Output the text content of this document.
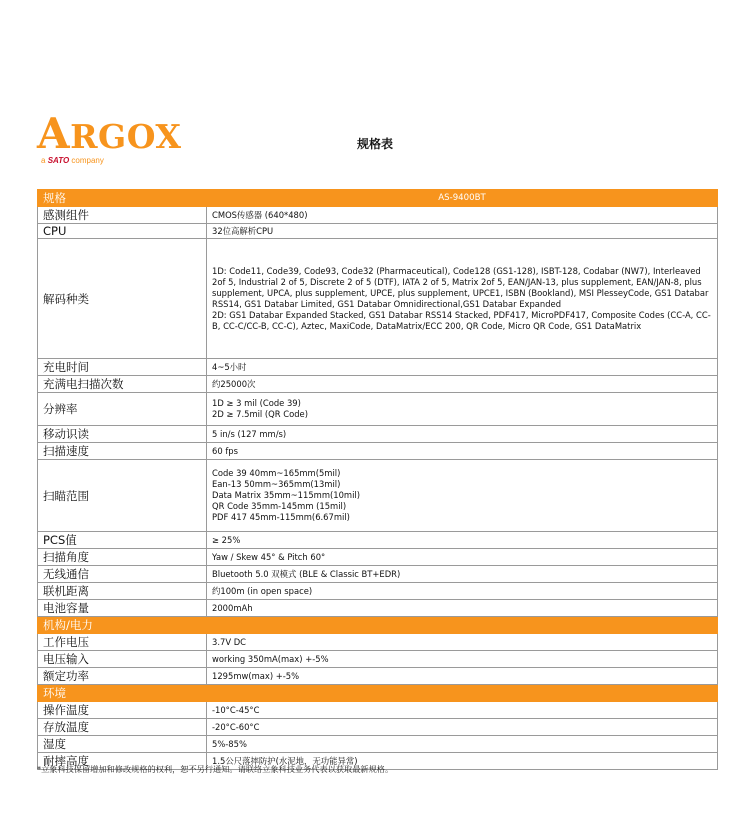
ARGOX
a SATO company
规格表
规格	AS-9400BT
感测组件	CMOS传感器 (640*480)
CPU	32位高解析CPU
解码种类	1D: Code11, Code39, Code93, Code32 (Pharmaceutical), Code128 (GS1-128), ISBT-128, Codabar (NW7), Interleaved 2of 5, Industrial 2 of 5, Discrete 2 of 5 (DTF), IATA 2 of 5, Matrix 2of 5, EAN/JAN-13, plus supplement, EAN/JAN-8, plus supplement, UPCA, plus supplement, UPCE, plus supplement, UPCE1, ISBN (Bookland), MSI PlesseyCode, GS1 Databar RSS14, GS1 Databar Limited, GS1 Databar Omnidirectional,GS1 Databar Expanded
2D: GS1 Databar Expanded Stacked, GS1 Databar RSS14 Stacked, PDF417, MicroPDF417, Composite Codes (CC-A, CC-B, CC-C/CC-B, CC-C), Aztec, MaxiCode, DataMatrix/ECC 200, QR Code, Micro QR Code, GS1 DataMatrix
充电时间	4~5小时
充满电扫描次数	约25000次
分辨率	1D ≥ 3 mil (Code 39)
2D ≥ 7.5mil (QR Code)
移动识读	5 in/s (127 mm/s)
扫描速度	60 fps
扫瞄范围	Code 39 40mm~165mm(5mil)
Ean-13 50mm~365mm(13mil)
Data Matrix 35mm~115mm(10mil)
QR Code 35mm-145mm (15mil)
PDF 417 45mm-115mm(6.67mil)
PCS值	≥ 25%
扫描角度	Yaw / Skew 45° & Pitch 60°
无线通信	Bluetooth 5.0 双模式 (BLE & Classic BT+EDR)
联机距离	约100m (in open space)
电池容量	2000mAh
机构/电力	
工作电压	3.7V DC
电压输入	working 350mA(max) +-5%
额定功率	1295mw(max) +-5%
环境	
操作温度	-10°C-45°C
存放温度	-20°C-60°C
湿度	5%-85%
耐摔高度	1.5公尺落摔防护(水泥地，无功能异常)
*立象科技保留增加和修改规格的权利，恕不另行通知。请联络立象科技业务代表以获取最新规格。
